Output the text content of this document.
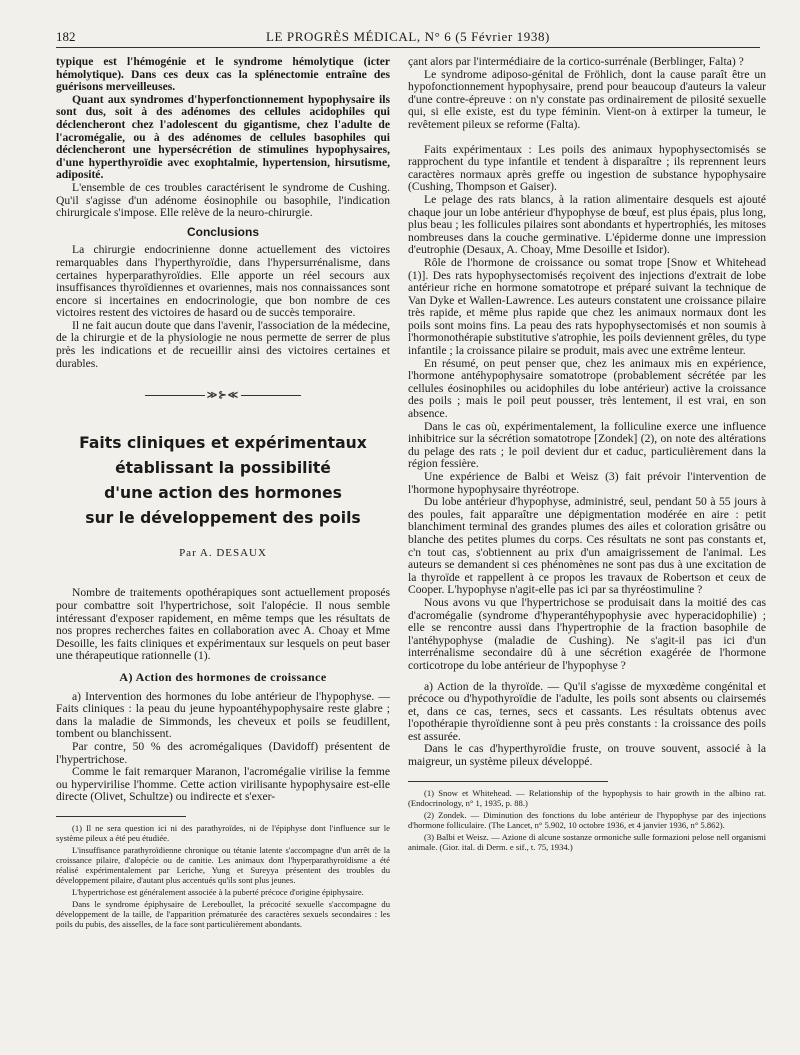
182	LE PROGRÈS MÉDICAL, N° 6 (5 Février 1938)

typique est l'hémogénie et le syndrome hémolytique (icter hémolytique). Dans ces deux cas la splénectomie entraîne des guérisons merveilleuses.

Quant aux syndromes d'hyperfonctionnement hypophysaire ils sont dus, soit à des adénomes des cellules acidophiles qui déclencheront chez l'adolescent du gigantisme, chez l'adulte de l'acromégalie, ou à des adénomes de cellules basophiles qui déclencheront une hypersécrétion de stimulines hypophysaires, d'une hyperthyroïdie avec exophtalmie, hypertension, hirsutisme, adiposité.

L'ensemble de ces troubles caractérisent le syndrome de Cushing. Qu'il s'agisse d'un adénome éosinophile ou basophile, l'indication chirurgicale s'impose. Elle relève de la neuro-chirurgie.

Conclusions

La chirurgie endocrinienne donne actuellement des victoires remarquables dans l'hyperthyroïdie, dans l'hypersurrénalisme, dans certaines hyperparathyroïdies. Elle apporte un réel secours aux insuffisances thyroïdiennes et ovariennes, mais nos connaissances sont encore si incertaines en endocrinologie, que bon nombre de ces victoires restent des victoires de hasard ou de succès temporaire.

Il ne fait aucun doute que dans l'avenir, l'association de la médecine, de la chirurgie et de la physiologie ne nous permette de serrer de plus près les indications et de recueillir ainsi des victoires certaines et durables.

≫⊱≪
Faits cliniques et expérimentaux
établissant la possibilité
d'une action des hormones
sur le développement des poils
Par A. DESAUX

Nombre de traitements opothérapiques sont actuellement proposés pour combattre soit l'hypertrichose, soit l'alopécie. Il nous semble intéressant d'exposer rapidement, en même temps que les résultats de nos propres recherches faites en collaboration avec A. Choay et Mme Desoille, les faits cliniques et expérimentaux sur lesquels on peut baser une thérapeutique rationnelle (1).

A) Action des hormones de croissance

a) Intervention des hormones du lobe antérieur de l'hypophyse. — Faits cliniques : la peau du jeune hypoantéhypophysaire reste glabre ; dans la maladie de Simmonds, les cheveux et poils se feudillent, tombent ou blanchissent.

Par contre, 50 % des acromégaliques (Davidoff) présentent de l'hypertrichose.

Comme le fait remarquer Maranon, l'acromégalie virilise la femme ou hypervirilise l'homme. Cette action virilisante hypophysaire est-elle directe (Olivet, Schultze) ou indirecte et s'exer-

(1) Il ne sera question ici ni des parathyroïdes, ni de l'épiphyse dont l'influence sur le système pileux a été peu étudiée.

L'insuffisance parathyroïdienne chronique ou tétanie latente s'accompagne d'un arrêt de la croissance pilaire, d'alopécie ou de canitie. Les animaux dont l'hyperparathyroïdisme a été réalisé expérimentalement par Leriche, Yung et Sureyya présentent des troubles du développement pilaire, d'autant plus accentués qu'ils sont plus jeunes.

L'hypertrichose est généralement associée à la puberté précoce d'origine épiphysaire.

Dans le syndrome épiphysaire de Lereboullet, la précocité sexuelle s'accompagne du développement de la taille, de l'apparition prématurée des caractères sexuels secondaires : les poils du pubis, des aisselles, de la face sont particulièrement abondants.

çant alors par l'intermédiaire de la cortico-surrénale (Berblinger, Falta) ?

Le syndrome adiposo-génital de Fröhlich, dont la cause paraît être un hypofonctionnement hypophysaire, prend pour beaucoup d'auteurs la valeur d'une contre-épreuve : on n'y constate pas ordinairement de pilosité sexuelle qui, si elle existe, est du type féminin. Vient-on à extirper la tumeur, le revêtement pileux se reforme (Falta).

Faits expérimentaux : Les poils des animaux hypophysectomisés se rapprochent du type infantile et tendent à disparaître ; ils reprennent leurs caractères normaux après greffe ou ingestion de substance hypophysaire (Cushing, Thompson et Gaiser).

Le pelage des rats blancs, à la ration alimentaire desquels est ajouté chaque jour un lobe antérieur d'hypophyse de bœuf, est plus épais, plus long, plus beau ; les follicules pilaires sont abondants et hypertrophiés, les mitoses nombreuses dans la couche germinative. L'épiderme donne une impression d'eutrophie (Desaux, A. Choay, Mme Desoille et Isidor).

Rôle de l'hormone de croissance ou somat trope [Snow et Whitehead (1)]. Des rats hypophysectomisés reçoivent des injections d'extrait de lobe antérieur riche en hormone somatotrope et préparé suivant la technique de Van Dyke et Wallen-Lawrence. Les auteurs constatent une croissance pilaire très rapide, et même plus rapide que chez les animaux normaux dont les poils sont moins fins. La peau des rats hypophysectomisés et non soumis à l'hormonothérapie substitutive s'atrophie, les poils deviennent grêles, du type infantile ; la croissance pilaire se produit, mais avec une extrême lenteur.

En résumé, on peut penser que, chez les animaux mis en expérience, l'hormone antéhypophysaire somatotrope (probablement sécrétée par les cellules éosinophiles ou acidophiles du lobe antérieur) active la croissance des poils ; mais le poil peut pousser, très lentement, il est vrai, en son absence.

Dans le cas où, expérimentalement, la folliculine exerce une influence inhibitrice sur la sécrétion somatotrope [Zondek] (2), on note des altérations du pelage des rats ; le poil devient dur et caduc, particulièrement dans la région fessière.

Une expérience de Balbi et Weisz (3) fait prévoir l'intervention de l'hormone hypophysaire thyréotrope.

Du lobe antérieur d'hypophyse, administré, seul, pendant 50 à 55 jours à des poules, fait apparaître une dépigmentation modérée en aire : petit blanchiment terminal des grandes plumes des ailes et coloration grisâtre ou blanche des petites plumes du corps. Ces résultats ne sont pas constants et, c'n tout cas, s'obtiennent au prix d'un amaigrissement de l'animal. Les auteurs se demandent si ces phénomènes ne sont pas dus à une excitation de la thyroïde et rappellent à ce propos les travaux de Robertson et ceux de Cooper. L'hypophyse n'agit-elle pas ici par sa thyréostimuline ?

Nous avons vu que l'hypertrichose se produisait dans la moitié des cas d'acromégalie (syndrome d'hyperantéhypophysie avec hyperacidophilie) ; elle se rencontre aussi dans l'hypertrophie de la fraction basophile de l'antéhypophyse (maladie de Cushing). Ne s'agit-il pas ici d'un interrénalisme secondaire dû à une sécrétion exagérée de l'hormone corticotrope du lobe antérieur de l'hypophyse ?

a) Action de la thyroïde. — Qu'il s'agisse de myxœdème congénital et précoce ou d'hypothyroïdie de l'adulte, les poils sont absents ou clairsemés et, dans ce cas, ternes, secs et cassants. Les résultats obtenus avec l'opothérapie thyroïdienne sont à peu près constants : la croissance des poils est assurée.

Dans le cas d'hyperthyroïdie fruste, on trouve souvent, associé à la maigreur, un système pileux développé.

(1) Snow et Whitehead. — Relationship of the hypophysis to hair growth in the albino rat. (Endocrinology, n° 1, 1935, p. 88.)

(2) Zondek. — Diminution des fonctions du lobe antérieur de l'hypophyse par des injections d'hormone folliculaire. (The Lancet, n° 5.902, 10 octobre 1936, et 4 janvier 1936, n° 5.862).

(3) Balbi et Weisz. — Azione di alcune sostanze ormoniche sulle formazioni pelose nell organismi animale. (Gior. ital. di Derm. e sif., t. 75, 1934.)
